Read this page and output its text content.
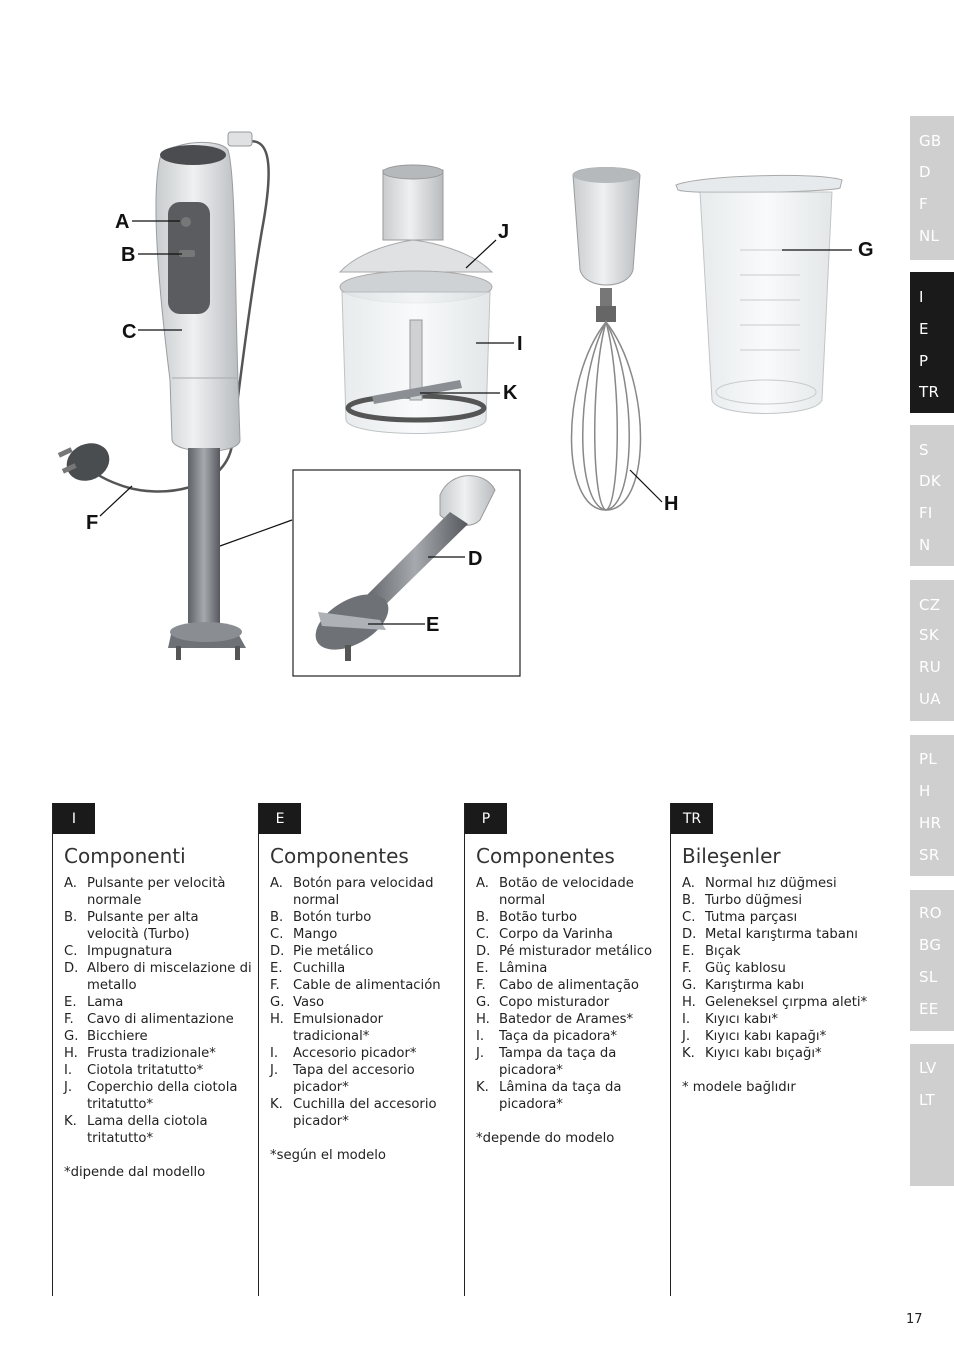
A
B
C
D
E
F
G
H
I
J
K
GB
D
F
NL
I
E
P
TR
S
DK
FI
N
CZ
SK
RU
UA
PL
H
HR
SR
RO
BG
SL
EE
LV
LT
I
Componenti
A. Pulsante per velocità normale
B. Pulsante per alta velocità (Turbo)
C. Impugnatura
D. Albero di miscelazione di metallo
E. Lama
F.	Cavo di alimentazione
G. Bicchiere
H. Frusta tradizionale*
I.	Ciotola tritatutto*
J.	Coperchio della ciotola tritatutto*
K. Lama della ciotola tritatutto*
*dipende dal modello
E
Componentes
A. Botón para velocidad normal
B. Botón turbo
C. Mango
D. Pie metálico
E. Cuchilla
F.	Cable de alimentación
G. Vaso
H. Emulsionador tradicional*
I.	Accesorio picador*
J.	Tapa del accesorio picador*
K. Cuchilla del accesorio picador*
*según el modelo
P
Componentes
A. Botão de velocidade normal
B. Botão turbo
C. Corpo da Varinha
D. Pé misturador metálico
E. Lâmina
F.	Cabo de alimentação
G. Copo misturador
H. Batedor de Arames*
I.	Taça da picadora*
J.	Tampa da taça da picadora*
K. Lâmina da taça da picadora*
*depende do modelo
TR
Bileşenler
A. Normal hız düğmesi
B. Turbo düğmesi
C. Tutma parçası
D. Metal karıştırma tabanı
E. Bıçak
F.	Güç kablosu
G. Karıştırma kabı
H. Geleneksel çırpma aleti*
I.	Kıyıcı kabı*
J.	Kıyıcı kabı kapağı*
K. Kıyıcı kabı bıçağı*
* modele bağlıdır
17
